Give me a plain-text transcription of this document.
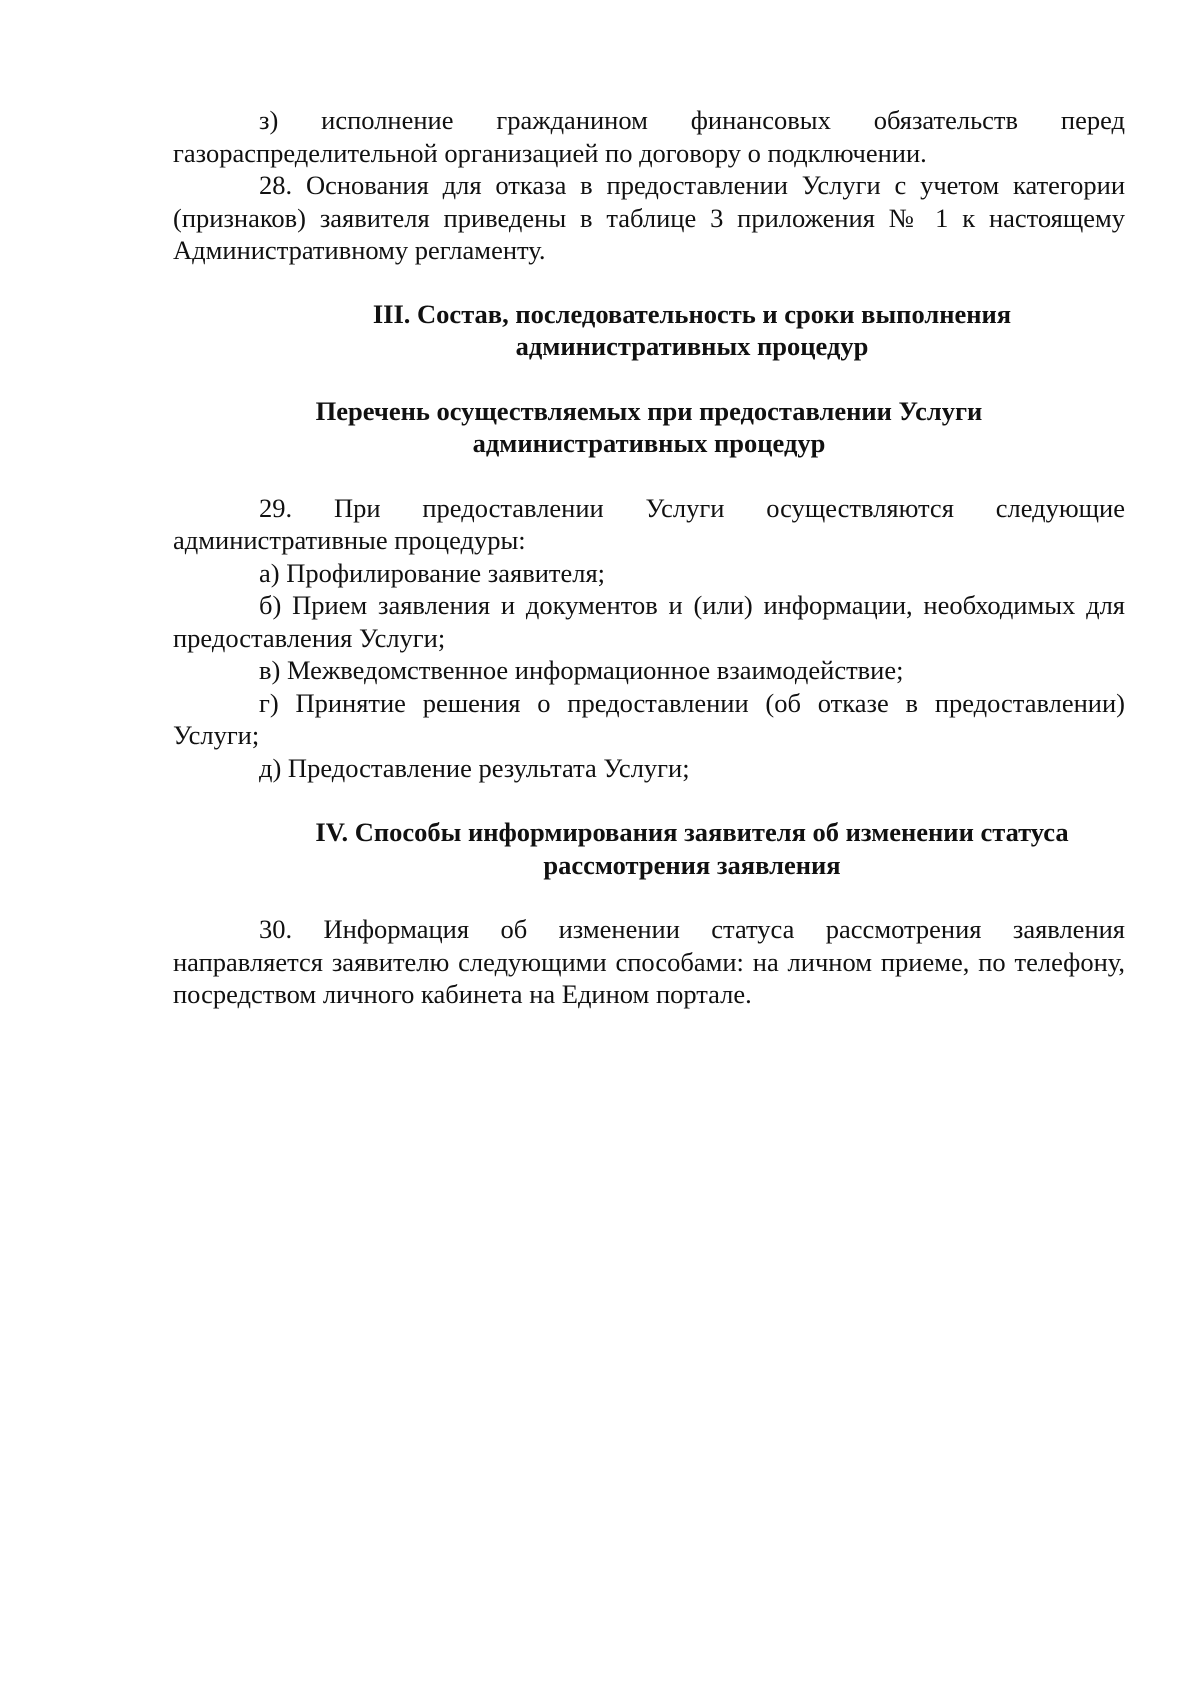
з) исполнение гражданином финансовых обязательств перед газораспределительной организацией по договору о подключении.

28. Основания для отказа в предоставлении Услуги с учетом категории (признаков) заявителя приведены в таблице 3 приложения № 1 к настоящему Административному регламенту.

III. Состав, последовательность и сроки выполнения
административных процедур
Перечень осуществляемых при предоставлении Услуги
административных процедур

29. При предоставлении Услуги осуществляются следующие административные процедуры:

а) Профилирование заявителя;

б) Прием заявления и документов и (или) информации, необходимых для предоставления Услуги;

в) Межведомственное информационное взаимодействие;

г) Принятие решения о предоставлении (об отказе в предоставлении) Услуги;

д) Предоставление результата Услуги;

IV. Способы информирования заявителя об изменении статуса
рассмотрения заявления

30. Информация об изменении статуса рассмотрения заявления направляется заявителю следующими способами: на личном приеме, по телефону, посредством личного кабинета на Едином портале.
